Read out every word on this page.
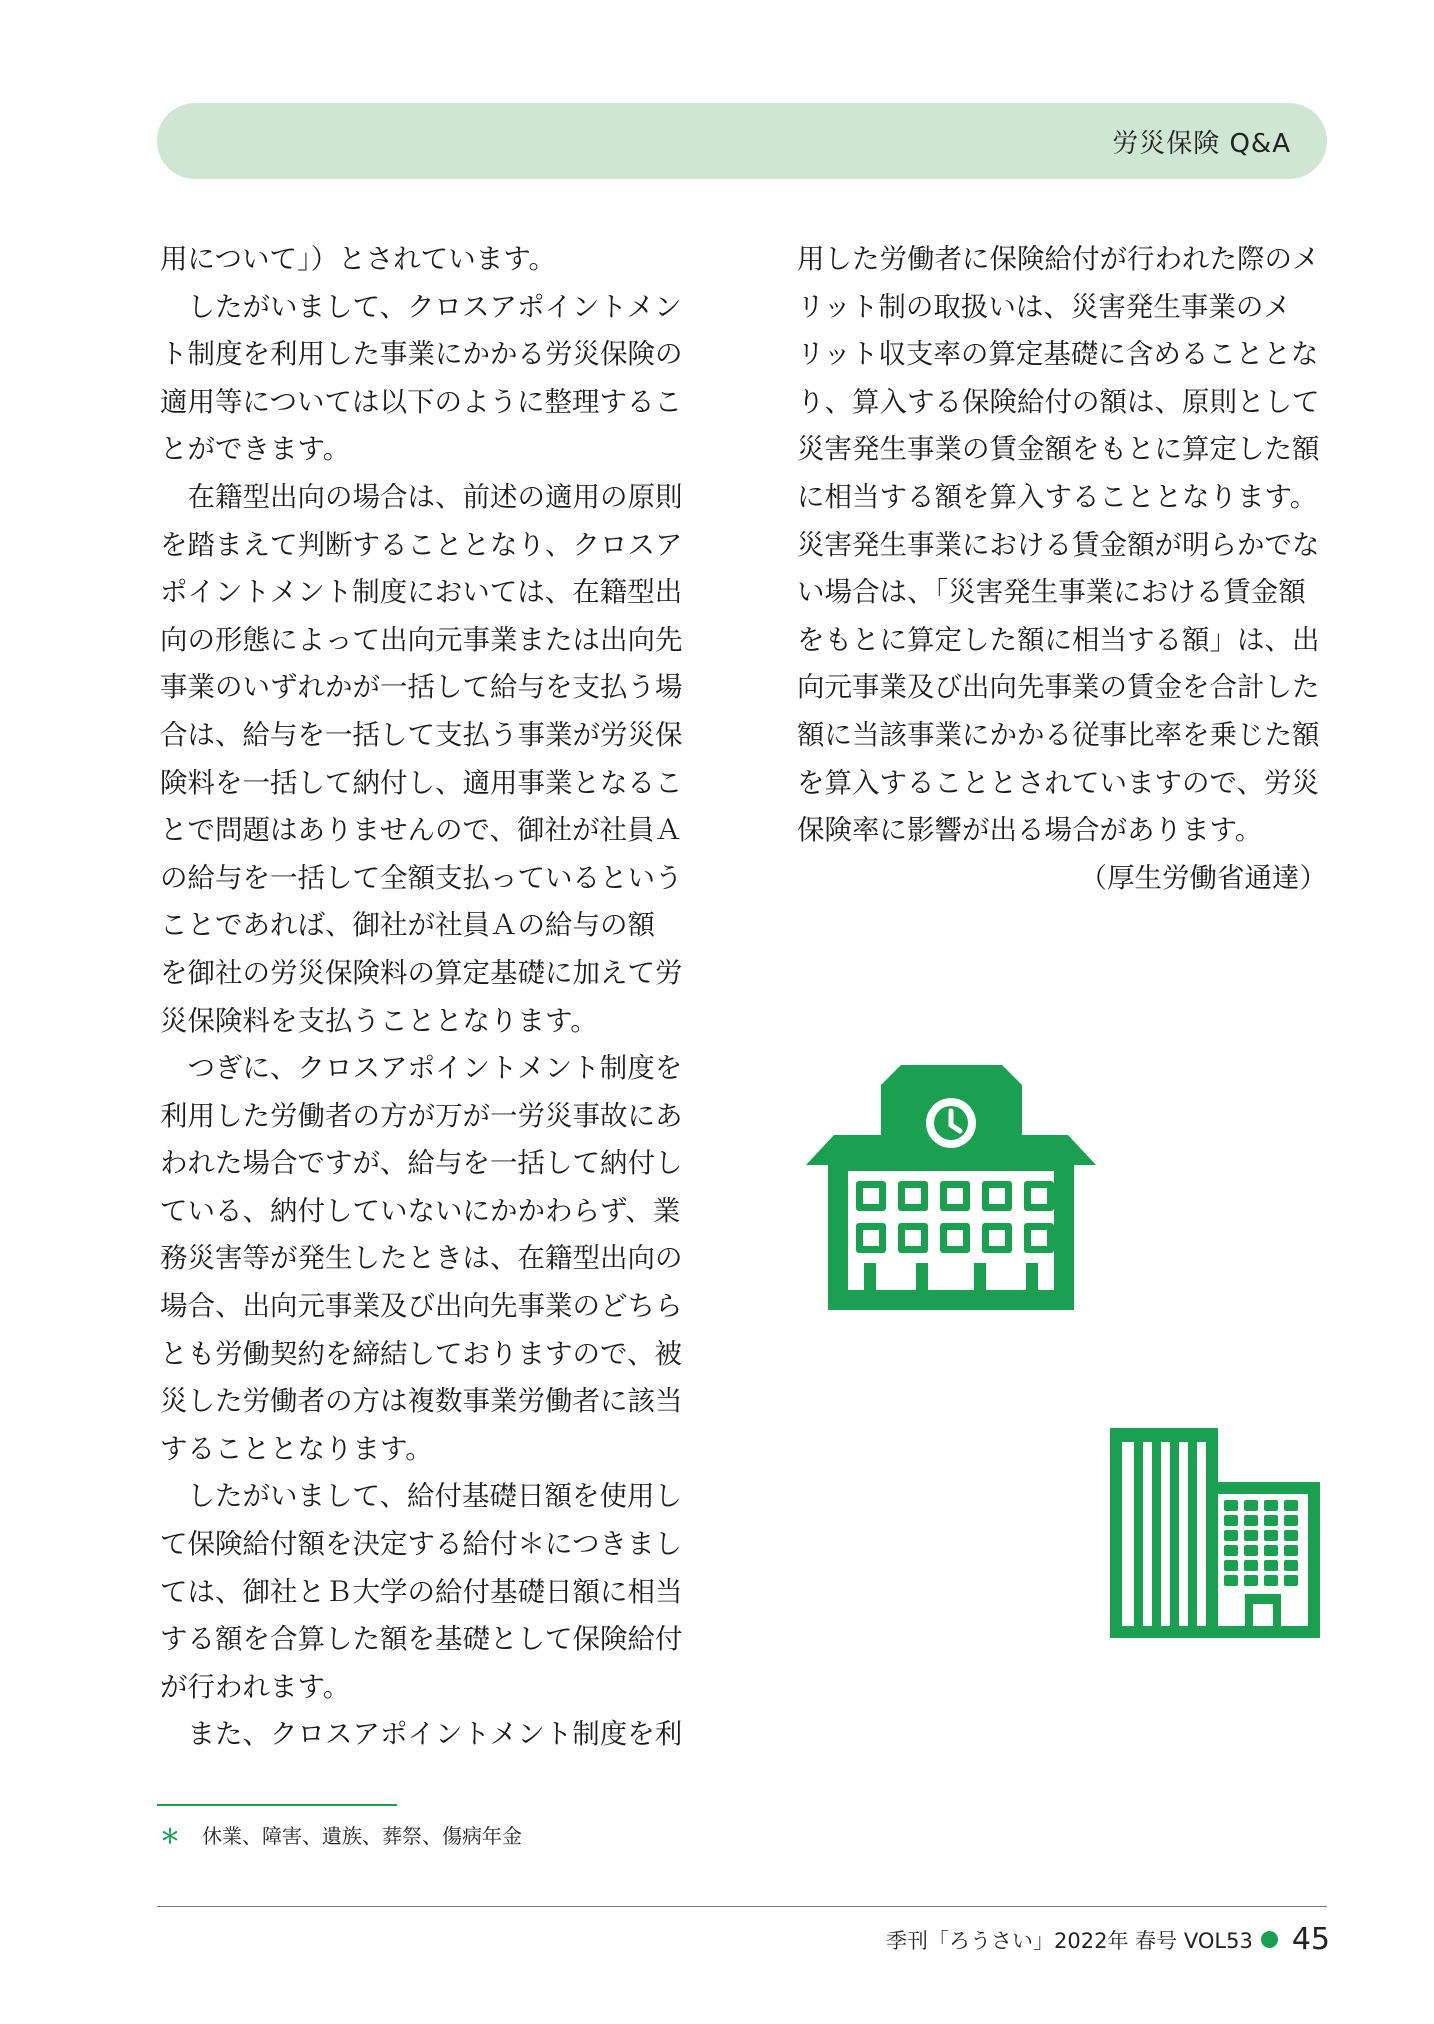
労災保険 Q&A
用について」）とされています。
　したがいまして、クロスアポイントメン
ト制度を利用した事業にかかる労災保険の
適用等については以下のように整理するこ
とができます。
　在籍型出向の場合は、前述の適用の原則
を踏まえて判断することとなり、クロスア
ポイントメント制度においては、在籍型出
向の形態によって出向元事業または出向先
事業のいずれかが一括して給与を支払う場
合は、給与を一括して支払う事業が労災保
険料を一括して納付し、適用事業となるこ
とで問題はありませんので、御社が社員Ａ
の給与を一括して全額支払っているという
ことであれば、御社が社員Ａの給与の額
を御社の労災保険料の算定基礎に加えて労
災保険料を支払うこととなります。
　つぎに、クロスアポイントメント制度を
利用した労働者の方が万が一労災事故にあ
われた場合ですが、給与を一括して納付し
ている、納付していないにかかわらず、業
務災害等が発生したときは、在籍型出向の
場合、出向元事業及び出向先事業のどちら
とも労働契約を締結しておりますので、被
災した労働者の方は複数事業労働者に該当
することとなります。
　したがいまして、給付基礎日額を使用し
て保険給付額を決定する給付＊につきまし
ては、御社とＢ大学の給付基礎日額に相当
する額を合算した額を基礎として保険給付
が行われます。
　また、クロスアポイントメント制度を利
用した労働者に保険給付が行われた際のメ
リット制の取扱いは、災害発生事業のメ
リット収支率の算定基礎に含めることとな
り、算入する保険給付の額は、原則として
災害発生事業の賃金額をもとに算定した額
に相当する額を算入することとなります。
災害発生事業における賃金額が明らかでな
い場合は、「災害発生事業における賃金額
をもとに算定した額に相当する額」は、出
向元事業及び出向先事業の賃金を合計した
額に当該事業にかかる従事比率を乗じた額
を算入することとされていますので、労災
保険率に影響が出る場合があります。
（厚生労働省通達）
＊ 休業、障害、遺族、葬祭、傷病年金
季刊「ろうさい」2022年 春号 VOL53 45
